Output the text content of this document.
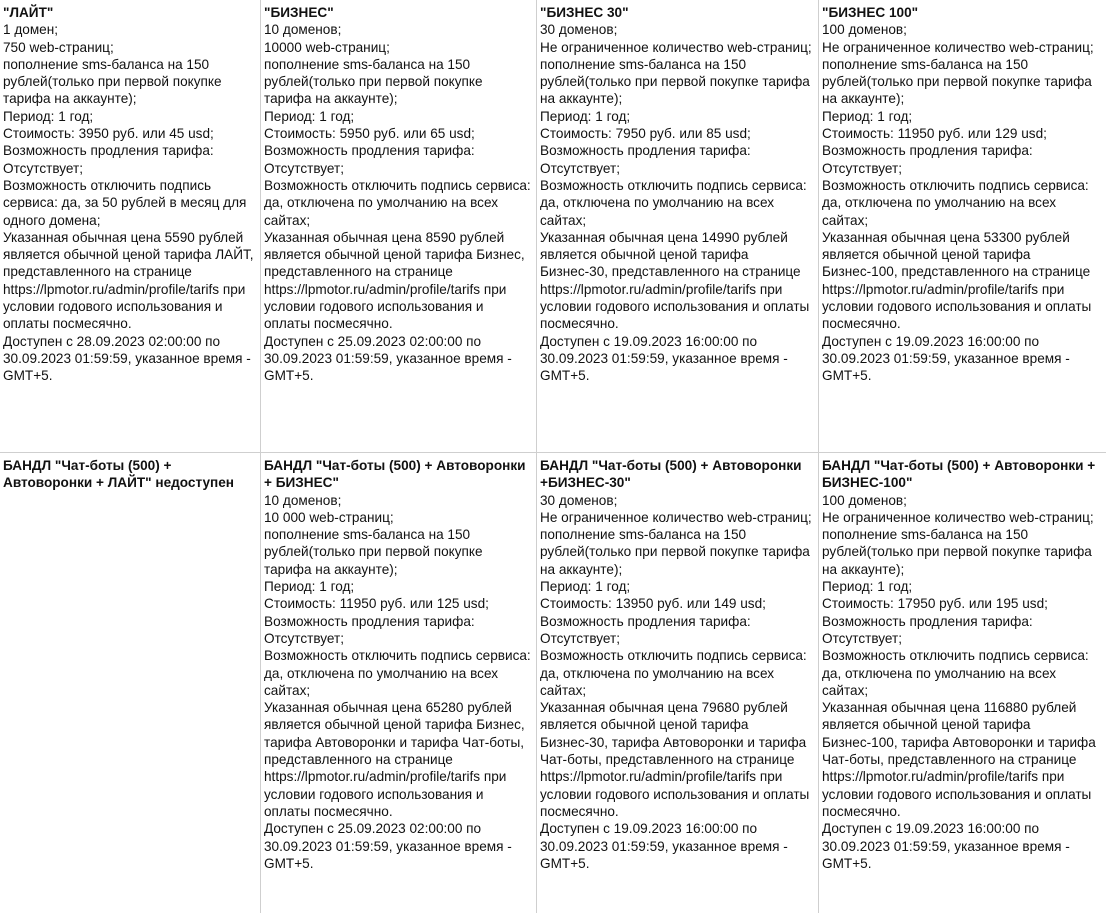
"ЛАЙТ"
1 домен;
750 web-страниц;
пополнение sms-баланса на 150 рублей(только при первой покупке тарифа на аккаунте);
Период: 1 год;
Стоимость: 3950 руб. или 45 usd;
Возможность продления тарифа: Отсутствует;
Возможность отключить подпись сервиса: да, за 50 рублей в месяц для одного домена;
Указанная обычная цена 5590 рублей является обычной ценой тарифа ЛАЙТ, представленного на странице https://lpmotor.ru/admin/profile/tarifs при условии годового использования и оплаты посмесячно.
Доступен с 28.09.2023 02:00:00 по 30.09.2023 01:59:59, указанное время - GMT+5.
"БИЗНЕС"
10 доменов;
10000 web-страниц;
пополнение sms-баланса на 150 рублей(только при первой покупке тарифа на аккаунте);
Период: 1 год;
Стоимость: 5950 руб. или 65 usd;
Возможность продления тарифа: Отсутствует;
Возможность отключить подпись сервиса: да, отключена по умолчанию на всех сайтах;
Указанная обычная цена 8590 рублей является обычной ценой тарифа Бизнес, представленного на странице https://lpmotor.ru/admin/profile/tarifs при условии годового использования и оплаты посмесячно.
Доступен с 25.09.2023 02:00:00 по 30.09.2023 01:59:59, указанное время - GMT+5.
"БИЗНЕС 30"
30 доменов;
Не ограниченное количество web-страниц;
пополнение sms-баланса на 150 рублей(только при первой покупке тарифа на аккаунте);
Период: 1 год;
Стоимость: 7950 руб. или 85 usd;
Возможность продления тарифа: Отсутствует;
Возможность отключить подпись сервиса: да, отключена по умолчанию на всех сайтах;
Указанная обычная цена 14990 рублей является обычной ценой тарифа Бизнес-30, представленного на странице https://lpmotor.ru/admin/profile/tarifs при условии годового использования и оплаты посмесячно.
Доступен с 19.09.2023 16:00:00 по 30.09.2023 01:59:59, указанное время - GMT+5.
"БИЗНЕС 100"
100 доменов;
Не ограниченное количество web-страниц;
пополнение sms-баланса на 150 рублей(только при первой покупке тарифа на аккаунте);
Период: 1 год;
Стоимость: 11950 руб. или 129 usd;
Возможность продления тарифа: Отсутствует;
Возможность отключить подпись сервиса: да, отключена по умолчанию на всех сайтах;
Указанная обычная цена 53300 рублей является обычной ценой тарифа Бизнес-100, представленного на странице https://lpmotor.ru/admin/profile/tarifs при условии годового использования и оплаты посмесячно.
Доступен с 19.09.2023 16:00:00 по 30.09.2023 01:59:59, указанное время - GMT+5.
БАНДЛ "Чат-боты (500) + Автоворонки + ЛАЙТ" недоступен
БАНДЛ "Чат-боты (500) + Автоворонки + БИЗНЕС"
10 доменов;
10 000 web-страниц;
пополнение sms-баланса на 150 рублей(только при первой покупке тарифа на аккаунте);
Период: 1 год;
Стоимость: 11950 руб. или 125 usd;
Возможность продления тарифа: Отсутствует;
Возможность отключить подпись сервиса: да, отключена по умолчанию на всех сайтах;
Указанная обычная цена 65280 рублей является обычной ценой тарифа Бизнес, тарифа Автоворонки и тарифа Чат-боты, представленного на странице https://lpmotor.ru/admin/profile/tarifs при условии годового использования и оплаты посмесячно.
Доступен с 25.09.2023 02:00:00 по 30.09.2023 01:59:59, указанное время - GMT+5.
БАНДЛ "Чат-боты (500) + Автоворонки +БИЗНЕС-30"
30 доменов;
Не ограниченное количество web-страниц;
пополнение sms-баланса на 150 рублей(только при первой покупке тарифа на аккаунте);
Период: 1 год;
Стоимость: 13950 руб. или 149 usd;
Возможность продления тарифа: Отсутствует;
Возможность отключить подпись сервиса: да, отключена по умолчанию на всех сайтах;
Указанная обычная цена 79680 рублей является обычной ценой тарифа Бизнес-30, тарифа Автоворонки и тарифа Чат-боты, представленного на странице https://lpmotor.ru/admin/profile/tarifs при условии годового использования и оплаты посмесячно.
Доступен с 19.09.2023 16:00:00 по 30.09.2023 01:59:59, указанное время - GMT+5.
БАНДЛ "Чат-боты (500) + Автоворонки + БИЗНЕС-100"
100 доменов;
Не ограниченное количество web-страниц;
пополнение sms-баланса на 150 рублей(только при первой покупке тарифа на аккаунте);
Период: 1 год;
Стоимость: 17950 руб. или 195 usd;
Возможность продления тарифа: Отсутствует;
Возможность отключить подпись сервиса: да, отключена по умолчанию на всех сайтах;
Указанная обычная цена 116880 рублей является обычной ценой тарифа Бизнес-100, тарифа Автоворонки и тарифа Чат-боты, представленного на странице https://lpmotor.ru/admin/profile/tarifs при условии годового использования и оплаты посмесячно.
Доступен с 19.09.2023 16:00:00 по 30.09.2023 01:59:59, указанное время - GMT+5.
